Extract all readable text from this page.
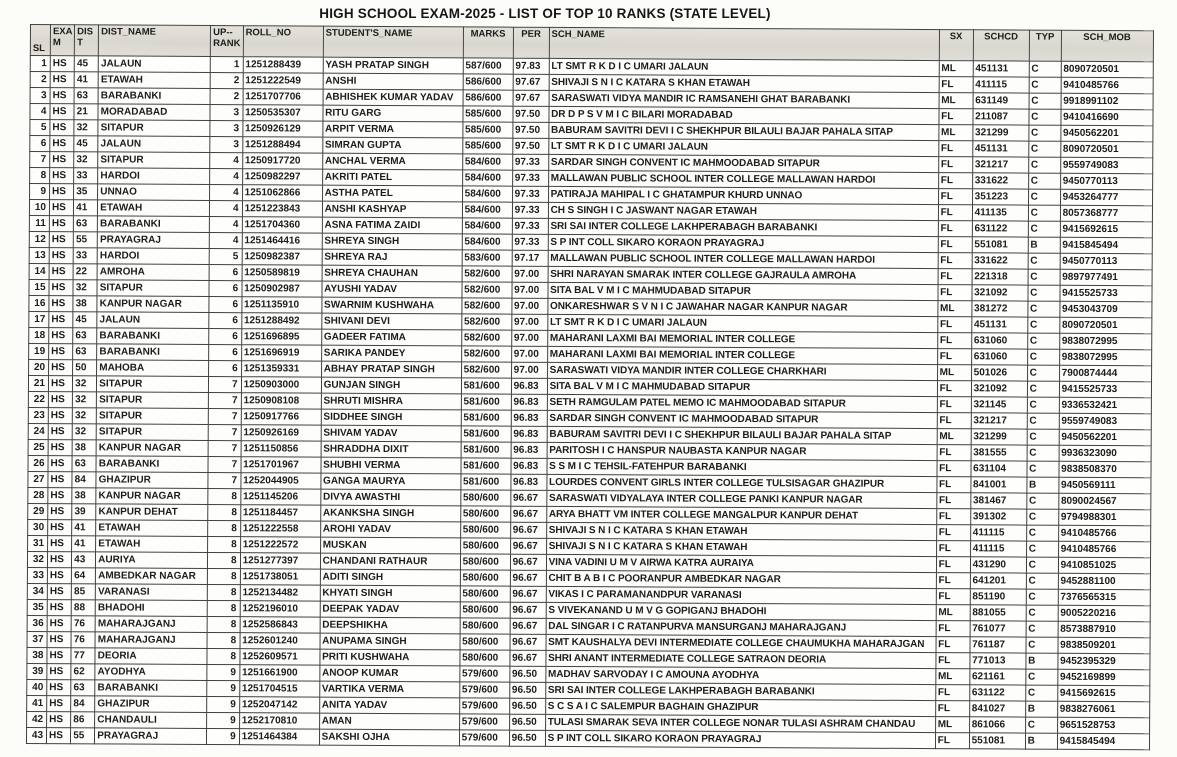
HIGH SCHOOL EXAM-2025 - LIST OF TOP 10 RANKS (STATE LEVEL)
SL	EXA M	DIS T	DIST_NAME	UP-- RANK	ROLL_NO	STUDENT'S_NAME	MARKS	PER	SCH_NAME	SX	SCHCD	TYP	SCH_MOB
1	HS	45	JALAUN	1	1251288439	YASH PRATAP SINGH	587/600	97.83	LT SMT R K D I C UMARI JALAUN	ML	451131	C	8090720501
2	HS	41	ETAWAH	2	1251222549	ANSHI	586/600	97.67	SHIVAJI S N I C KATARA S KHAN ETAWAH	FL	411115	C	9410485766
3	HS	63	BARABANKI	2	1251707706	ABHISHEK KUMAR YADAV	586/600	97.67	SARASWATI VIDYA MANDIR IC RAMSANEHI GHAT BARABANKI	ML	631149	C	9918991102
4	HS	21	MORADABAD	3	1250535307	RITU GARG	585/600	97.50	DR D P S V M I C BILARI MORADABAD	FL	211087	C	9410416690
5	HS	32	SITAPUR	3	1250926129	ARPIT VERMA	585/600	97.50	BABURAM SAVITRI DEVI I C SHEKHPUR BILAULI BAJAR PAHALA SITAP	ML	321299	C	9450562201
6	HS	45	JALAUN	3	1251288494	SIMRAN GUPTA	585/600	97.50	LT SMT R K D I C UMARI JALAUN	FL	451131	C	8090720501
7	HS	32	SITAPUR	4	1250917720	ANCHAL VERMA	584/600	97.33	SARDAR SINGH CONVENT IC MAHMOODABAD SITAPUR	FL	321217	C	9559749083
8	HS	33	HARDOI	4	1250982297	AKRITI PATEL	584/600	97.33	MALLAWAN PUBLIC SCHOOL INTER COLLEGE MALLAWAN HARDOI	FL	331622	C	9450770113
9	HS	35	UNNAO	4	1251062866	ASTHA PATEL	584/600	97.33	PATIRAJA MAHIPAL I C GHATAMPUR KHURD UNNAO	FL	351223	C	9453264777
10	HS	41	ETAWAH	4	1251223843	ANSHI KASHYAP	584/600	97.33	CH S SINGH I C JASWANT NAGAR ETAWAH	FL	411135	C	8057368777
11	HS	63	BARABANKI	4	1251704360	ASNA FATIMA ZAIDI	584/600	97.33	SRI SAI INTER COLLEGE LAKHPERABAGH BARABANKI	FL	631122	C	9415692615
12	HS	55	PRAYAGRAJ	4	1251464416	SHREYA SINGH	584/600	97.33	S P INT COLL SIKARO KORAON PRAYAGRAJ	FL	551081	B	9415845494
13	HS	33	HARDOI	5	1250982387	SHREYA RAJ	583/600	97.17	MALLAWAN PUBLIC SCHOOL INTER COLLEGE MALLAWAN HARDOI	FL	331622	C	9450770113
14	HS	22	AMROHA	6	1250589819	SHREYA CHAUHAN	582/600	97.00	SHRI NARAYAN SMARAK INTER COLLEGE GAJRAULA AMROHA	FL	221318	C	9897977491
15	HS	32	SITAPUR	6	1250902987	AYUSHI YADAV	582/600	97.00	SITA BAL V M I C MAHMUDABAD SITAPUR	FL	321092	C	9415525733
16	HS	38	KANPUR NAGAR	6	1251135910	SWARNIM KUSHWAHA	582/600	97.00	ONKARESHWAR S V N I C JAWAHAR NAGAR KANPUR NAGAR	ML	381272	C	9453043709
17	HS	45	JALAUN	6	1251288492	SHIVANI DEVI	582/600	97.00	LT SMT R K D I C UMARI JALAUN	FL	451131	C	8090720501
18	HS	63	BARABANKI	6	1251696895	GADEER FATIMA	582/600	97.00	MAHARANI LAXMI BAI MEMORIAL INTER COLLEGE	FL	631060	C	9838072995
19	HS	63	BARABANKI	6	1251696919	SARIKA PANDEY	582/600	97.00	MAHARANI LAXMI BAI MEMORIAL INTER COLLEGE	FL	631060	C	9838072995
20	HS	50	MAHOBA	6	1251359331	ABHAY PRATAP SINGH	582/600	97.00	SARASWATI VIDYA MANDIR INTER COLLEGE CHARKHARI	ML	501026	C	7900874444
21	HS	32	SITAPUR	7	1250903000	GUNJAN SINGH	581/600	96.83	SITA BAL V M I C MAHMUDABAD SITAPUR	FL	321092	C	9415525733
22	HS	32	SITAPUR	7	1250908108	SHRUTI MISHRA	581/600	96.83	SETH RAMGULAM PATEL MEMO IC MAHMOODABAD SITAPUR	FL	321145	C	9336532421
23	HS	32	SITAPUR	7	1250917766	SIDDHEE SINGH	581/600	96.83	SARDAR SINGH CONVENT IC MAHMOODABAD SITAPUR	FL	321217	C	9559749083
24	HS	32	SITAPUR	7	1250926169	SHIVAM YADAV	581/600	96.83	BABURAM SAVITRI DEVI I C SHEKHPUR BILAULI BAJAR PAHALA SITAP	ML	321299	C	9450562201
25	HS	38	KANPUR NAGAR	7	1251150856	SHRADDHA DIXIT	581/600	96.83	PARITOSH I C HANSPUR NAUBASTA KANPUR NAGAR	FL	381555	C	9936323090
26	HS	63	BARABANKI	7	1251701967	SHUBHI VERMA	581/600	96.83	S S M I C TEHSIL-FATEHPUR BARABANKI	FL	631104	C	9838508370
27	HS	84	GHAZIPUR	7	1252044905	GANGA MAURYA	581/600	96.83	LOURDES CONVENT GIRLS INTER COLLEGE TULSISAGAR GHAZIPUR	FL	841001	B	9450569111
28	HS	38	KANPUR NAGAR	8	1251145206	DIVYA AWASTHI	580/600	96.67	SARASWATI VIDYALAYA INTER COLLEGE PANKI KANPUR NAGAR	FL	381467	C	8090024567
29	HS	39	KANPUR DEHAT	8	1251184457	AKANKSHA SINGH	580/600	96.67	ARYA BHATT VM INTER COLLEGE MANGALPUR KANPUR DEHAT	FL	391302	C	9794988301
30	HS	41	ETAWAH	8	1251222558	AROHI YADAV	580/600	96.67	SHIVAJI S N I C KATARA S KHAN ETAWAH	FL	411115	C	9410485766
31	HS	41	ETAWAH	8	1251222572	MUSKAN	580/600	96.67	SHIVAJI S N I C KATARA S KHAN ETAWAH	FL	411115	C	9410485766
32	HS	43	AURIYA	8	1251277397	CHANDANI RATHAUR	580/600	96.67	VINA VADINI U M V AIRWA KATRA AURAIYA	FL	431290	C	9410851025
33	HS	64	AMBEDKAR NAGAR	8	1251738051	ADITI SINGH	580/600	96.67	CHIT B A B I C POORANPUR AMBEDKAR NAGAR	FL	641201	C	9452881100
34	HS	85	VARANASI	8	1252134482	KHYATI SINGH	580/600	96.67	VIKAS I C PARAMANANDPUR VARANASI	FL	851190	C	7376565315
35	HS	88	BHADOHI	8	1252196010	DEEPAK YADAV	580/600	96.67	S VIVEKANAND U M V G GOPIGANJ BHADOHI	ML	881055	C	9005220216
36	HS	76	MAHARAJGANJ	8	1252586843	DEEPSHIKHA	580/600	96.67	DAL SINGAR I C RATANPURVA MANSURGANJ MAHARAJGANJ	FL	761077	C	8573887910
37	HS	76	MAHARAJGANJ	8	1252601240	ANUPAMA SINGH	580/600	96.67	SMT KAUSHALYA DEVI INTERMEDIATE COLLEGE CHAUMUKHA MAHARAJGAN	FL	761187	C	9838509201
38	HS	77	DEORIA	8	1252609571	PRITI KUSHWAHA	580/600	96.67	SHRI ANANT INTERMEDIATE COLLEGE SATRAON DEORIA	FL	771013	B	9452395329
39	HS	62	AYODHYA	9	1251661900	ANOOP KUMAR	579/600	96.50	MADHAV SARVODAY I C AMOUNA AYODHYA	ML	621161	C	9452169899
40	HS	63	BARABANKI	9	1251704515	VARTIKA VERMA	579/600	96.50	SRI SAI INTER COLLEGE LAKHPERABAGH BARABANKI	FL	631122	C	9415692615
41	HS	84	GHAZIPUR	9	1252047142	ANITA YADAV	579/600	96.50	S C S A I C SALEMPUR BAGHAIN GHAZIPUR	FL	841027	B	9838276061
42	HS	86	CHANDAULI	9	1252170810	AMAN	579/600	96.50	TULASI SMARAK SEVA INTER COLLEGE NONAR TULASI ASHRAM CHANDAU	ML	861066	C	9651528753
43	HS	55	PRAYAGRAJ	9	1251464384	SAKSHI OJHA	579/600	96.50	S P INT COLL SIKARO KORAON PRAYAGRAJ	FL	551081	B	9415845494
